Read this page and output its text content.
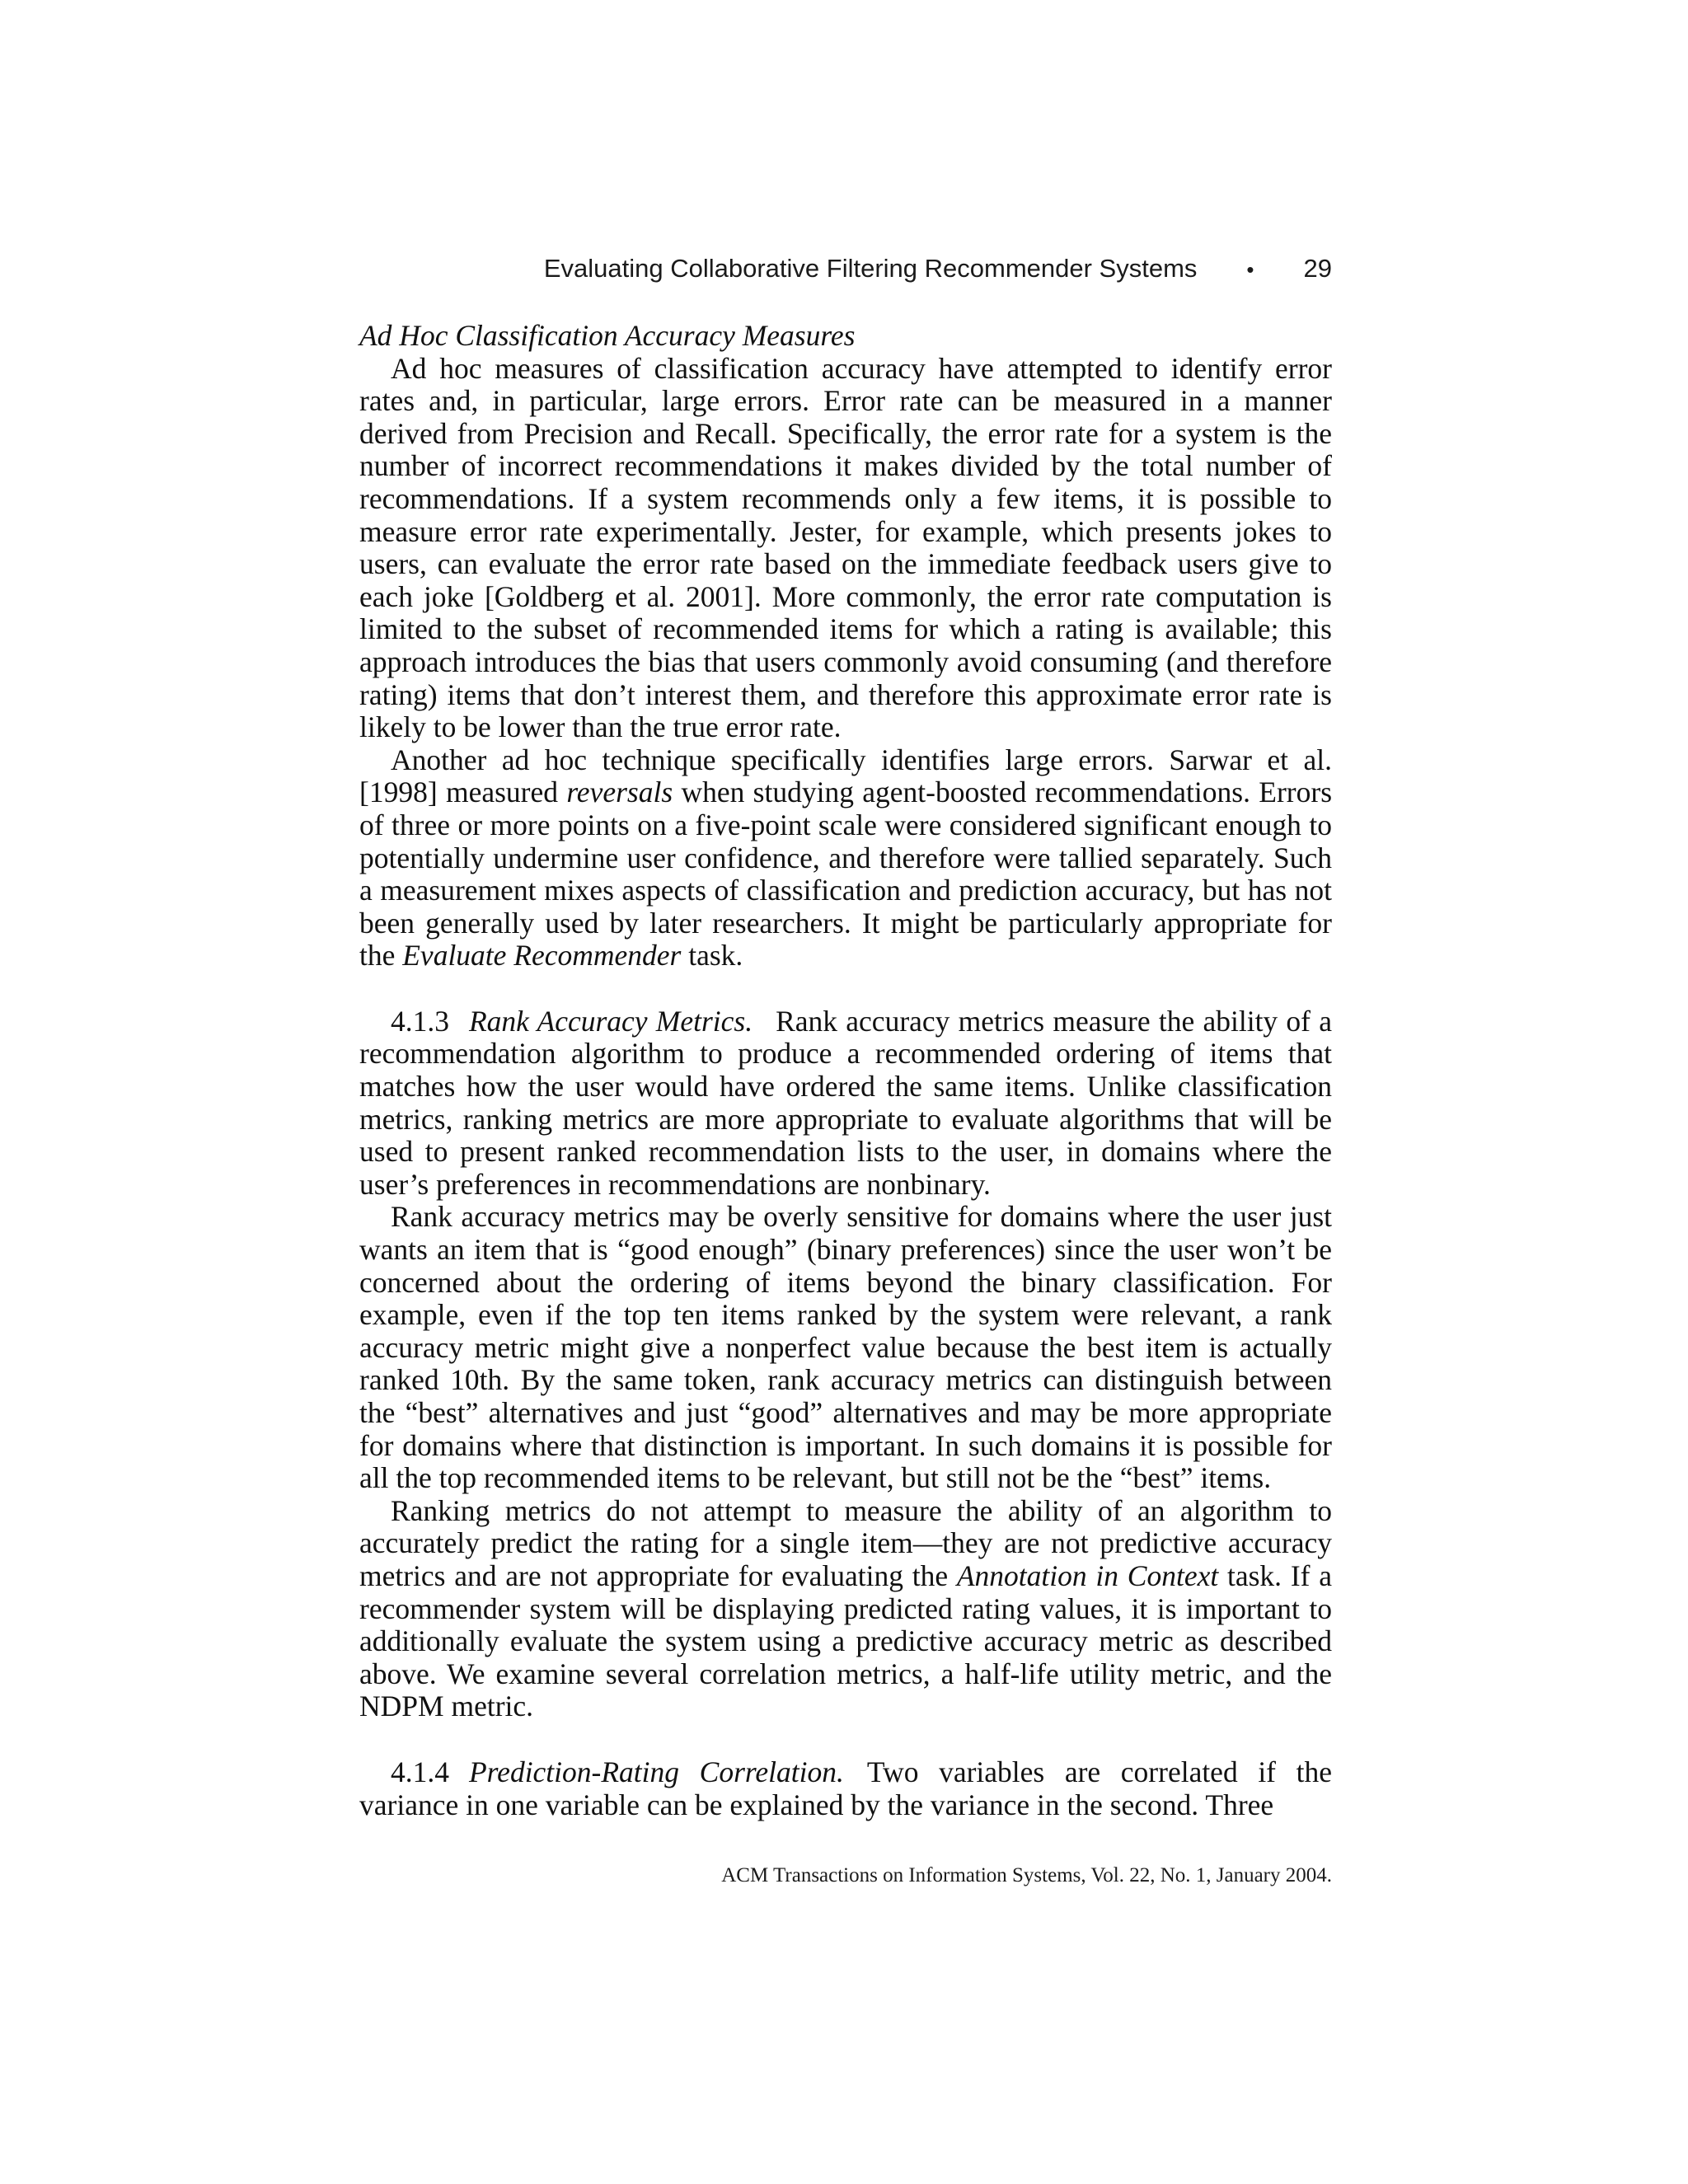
Evaluating Collaborative Filtering Recommender Systems • 29

Ad Hoc Classification Accuracy Measures

Ad hoc measures of classification accuracy have attempted to identify error rates and, in particular, large errors. Error rate can be measured in a manner derived from Precision and Recall. Specifically, the error rate for a system is the number of incorrect recommendations it makes divided by the total number of recommendations. If a system recommends only a few items, it is possible to measure error rate experimentally. Jester, for example, which presents jokes to users, can evaluate the error rate based on the immediate feedback users give to each joke [Goldberg et al. 2001]. More commonly, the error rate computation is limited to the subset of recommended items for which a rating is available; this approach introduces the bias that users commonly avoid consuming (and therefore rating) items that don’t interest them, and therefore this approximate error rate is likely to be lower than the true error rate.

Another ad hoc technique specifically identifies large errors. Sarwar et al. [1998] measured reversals when studying agent-boosted recommendations. Errors of three or more points on a five-point scale were considered significant enough to potentially undermine user confidence, and therefore were tallied separately. Such a measurement mixes aspects of classification and prediction accuracy, but has not been generally used by later researchers. It might be particularly appropriate for the Evaluate Recommender task.

4.1.3 Rank Accuracy Metrics. Rank accuracy metrics measure the ability of a recommendation algorithm to produce a recommended ordering of items that matches how the user would have ordered the same items. Unlike classification metrics, ranking metrics are more appropriate to evaluate algorithms that will be used to present ranked recommendation lists to the user, in domains where the user’s preferences in recommendations are nonbinary.

Rank accuracy metrics may be overly sensitive for domains where the user just wants an item that is “good enough” (binary preferences) since the user won’t be concerned about the ordering of items beyond the binary classification. For example, even if the top ten items ranked by the system were relevant, a rank accuracy metric might give a nonperfect value because the best item is actually ranked 10th. By the same token, rank accuracy metrics can distinguish between the “best” alternatives and just “good” alternatives and may be more appropriate for domains where that distinction is important. In such domains it is possible for all the top recommended items to be relevant, but still not be the “best” items.

Ranking metrics do not attempt to measure the ability of an algorithm to accurately predict the rating for a single item—they are not predictive accuracy metrics and are not appropriate for evaluating the Annotation in Context task. If a recommender system will be displaying predicted rating values, it is important to additionally evaluate the system using a predictive accuracy metric as described above. We examine several correlation metrics, a half-life utility metric, and the NDPM metric.

4.1.4 Prediction-Rating Correlation. Two variables are correlated if the variance in one variable can be explained by the variance in the second. Three

ACM Transactions on Information Systems, Vol. 22, No. 1, January 2004.
